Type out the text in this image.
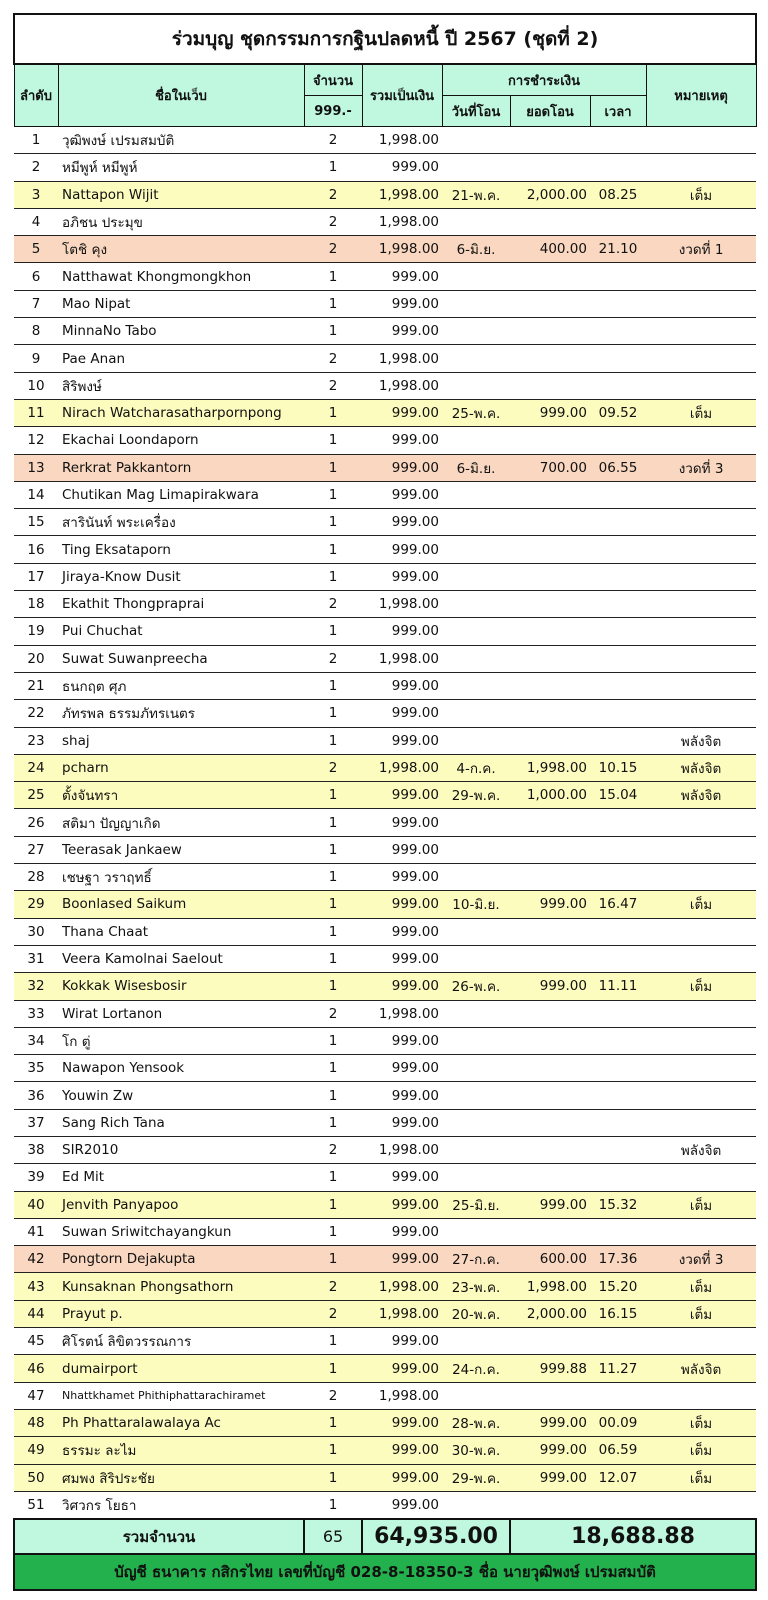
ร่วมบุญ ชุดกรรมการกฐินปลดหนี้ ปี 2567 (ชุดที่ 2)							
ลำดับ	ชื่อในเว็บ	จำนวน	รวมเป็นเงิน	การชำระเงิน			หมายเหตุ
		999.-		วันที่โอน	ยอดโอน	เวลา	
1	วุฒิพงษ์ เปรมสมบัติ	2	1,998.00				
2	หมีพูห์ หมีพูห์	1	999.00				
3	Nattapon Wijit	2	1,998.00	21-พ.ค.	2,000.00	08.25	เต็ม
4	อภิชน ประมุข	2	1,998.00				
5	โตชิ คุง	2	1,998.00	6-มิ.ย.	400.00	21.10	งวดที่ 1
6	Natthawat Khongmongkhon	1	999.00				
7	Mao Nipat	1	999.00				
8	MinnaNo Tabo	1	999.00				
9	Pae Anan	2	1,998.00				
10	สิริพงษ์	2	1,998.00				
11	Nirach Watcharasatharpornpong	1	999.00	25-พ.ค.	999.00	09.52	เต็ม
12	Ekachai Loondaporn	1	999.00				
13	Rerkrat Pakkantorn	1	999.00	6-มิ.ย.	700.00	06.55	งวดที่ 3
14	Chutikan Mag Limapirakwara	1	999.00				
15	สารินันท์ พระเครื่อง	1	999.00				
16	Ting Eksataporn	1	999.00				
17	Jiraya-Know Dusit	1	999.00				
18	Ekathit Thongpraprai	2	1,998.00				
19	Pui Chuchat	1	999.00				
20	Suwat Suwanpreecha	2	1,998.00				
21	ธนกฤต ศุภ	1	999.00				
22	ภัทรพล ธรรมภัทรเนตร	1	999.00				
23	shaj	1	999.00				พลังจิต
24	pcharn	2	1,998.00	4-ก.ค.	1,998.00	10.15	พลังจิต
25	ตั้งจันทรา	1	999.00	29-พ.ค.	1,000.00	15.04	พลังจิต
26	สติมา ปัญญาเกิด	1	999.00				
27	Teerasak Jankaew	1	999.00				
28	เชษฐา วราฤทธิ์	1	999.00				
29	Boonlased Saikum	1	999.00	10-มิ.ย.	999.00	16.47	เต็ม
30	Thana Chaat	1	999.00				
31	Veera Kamolnai Saelout	1	999.00				
32	Kokkak Wisesbosir	1	999.00	26-พ.ค.	999.00	11.11	เต็ม
33	Wirat Lortanon	2	1,998.00				
34	โก ตู่	1	999.00				
35	Nawapon Yensook	1	999.00				
36	Youwin Zw	1	999.00				
37	Sang Rich Tana	1	999.00				
38	SIR2010	2	1,998.00				พลังจิต
39	Ed Mit	1	999.00				
40	Jenvith Panyapoo	1	999.00	25-มิ.ย.	999.00	15.32	เต็ม
41	Suwan Sriwitchayangkun	1	999.00				
42	Pongtorn Dejakupta	1	999.00	27-ก.ค.	600.00	17.36	งวดที่ 3
43	Kunsaknan Phongsathorn	2	1,998.00	23-พ.ค.	1,998.00	15.20	เต็ม
44	Prayut p.	2	1,998.00	20-พ.ค.	2,000.00	16.15	เต็ม
45	ศิโรตน์ ลิขิตวรรณการ	1	999.00				
46	dumairport	1	999.00	24-ก.ค.	999.88	11.27	พลังจิต
47	Nhattkhamet Phithiphattarachiramet	2	1,998.00				
48	Ph Phattaralawalaya Ac	1	999.00	28-พ.ค.	999.00	00.09	เต็ม
49	ธรรมะ ละไม	1	999.00	30-พ.ค.	999.00	06.59	เต็ม
50	ศมพง สิริประชัย	1	999.00	29-พ.ค.	999.00	12.07	เต็ม
51	วิศวกร โยธา	1	999.00				
รวมจำนวน		65	64,935.00		18,688.88		
บัญชี ธนาคาร กสิกรไทย เลขที่บัญชี 028-8-18350-3 ชื่อ นายวุฒิพงษ์ เปรมสมบัติ							
